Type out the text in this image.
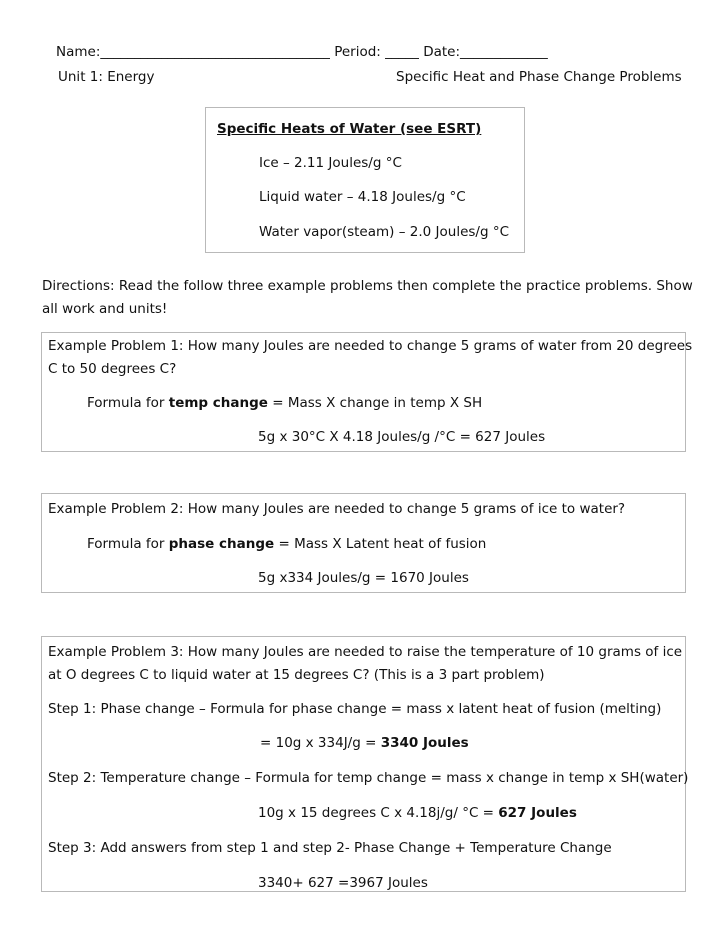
Name:__________________________________ Period: _____ Date:_____________
Unit 1: Energy	Specific Heat and Phase Change Problems
Specific Heats of Water (see ESRT)
Ice – 2.11 Joules/g °C
Liquid water – 4.18 Joules/g °C
Water vapor(steam) – 2.0 Joules/g °C
Directions: Read the follow three example problems then complete the practice problems. Show
all work and units!
Example Problem 1: How many Joules are needed to change 5 grams of water from 20 degrees
C to 50 degrees C?
Formula for temp change = Mass X change in temp X SH
5g x 30°C X 4.18 Joules/g /°C = 627 Joules
Example Problem 2: How many Joules are needed to change 5 grams of ice to water?
Formula for phase change = Mass X Latent heat of fusion
5g x334 Joules/g = 1670 Joules
Example Problem 3: How many Joules are needed to raise the temperature of 10 grams of ice
at O degrees C to liquid water at 15 degrees C? (This is a 3 part problem)
Step 1: Phase change – Formula for phase change = mass x latent heat of fusion (melting)
= 10g x 334J/g = 3340 Joules
Step 2: Temperature change – Formula for temp change = mass x change in temp x SH(water)
10g x 15 degrees C x 4.18j/g/ °C = 627 Joules
Step 3: Add answers from step 1 and step 2- Phase Change + Temperature Change
3340+ 627 =3967 Joules
